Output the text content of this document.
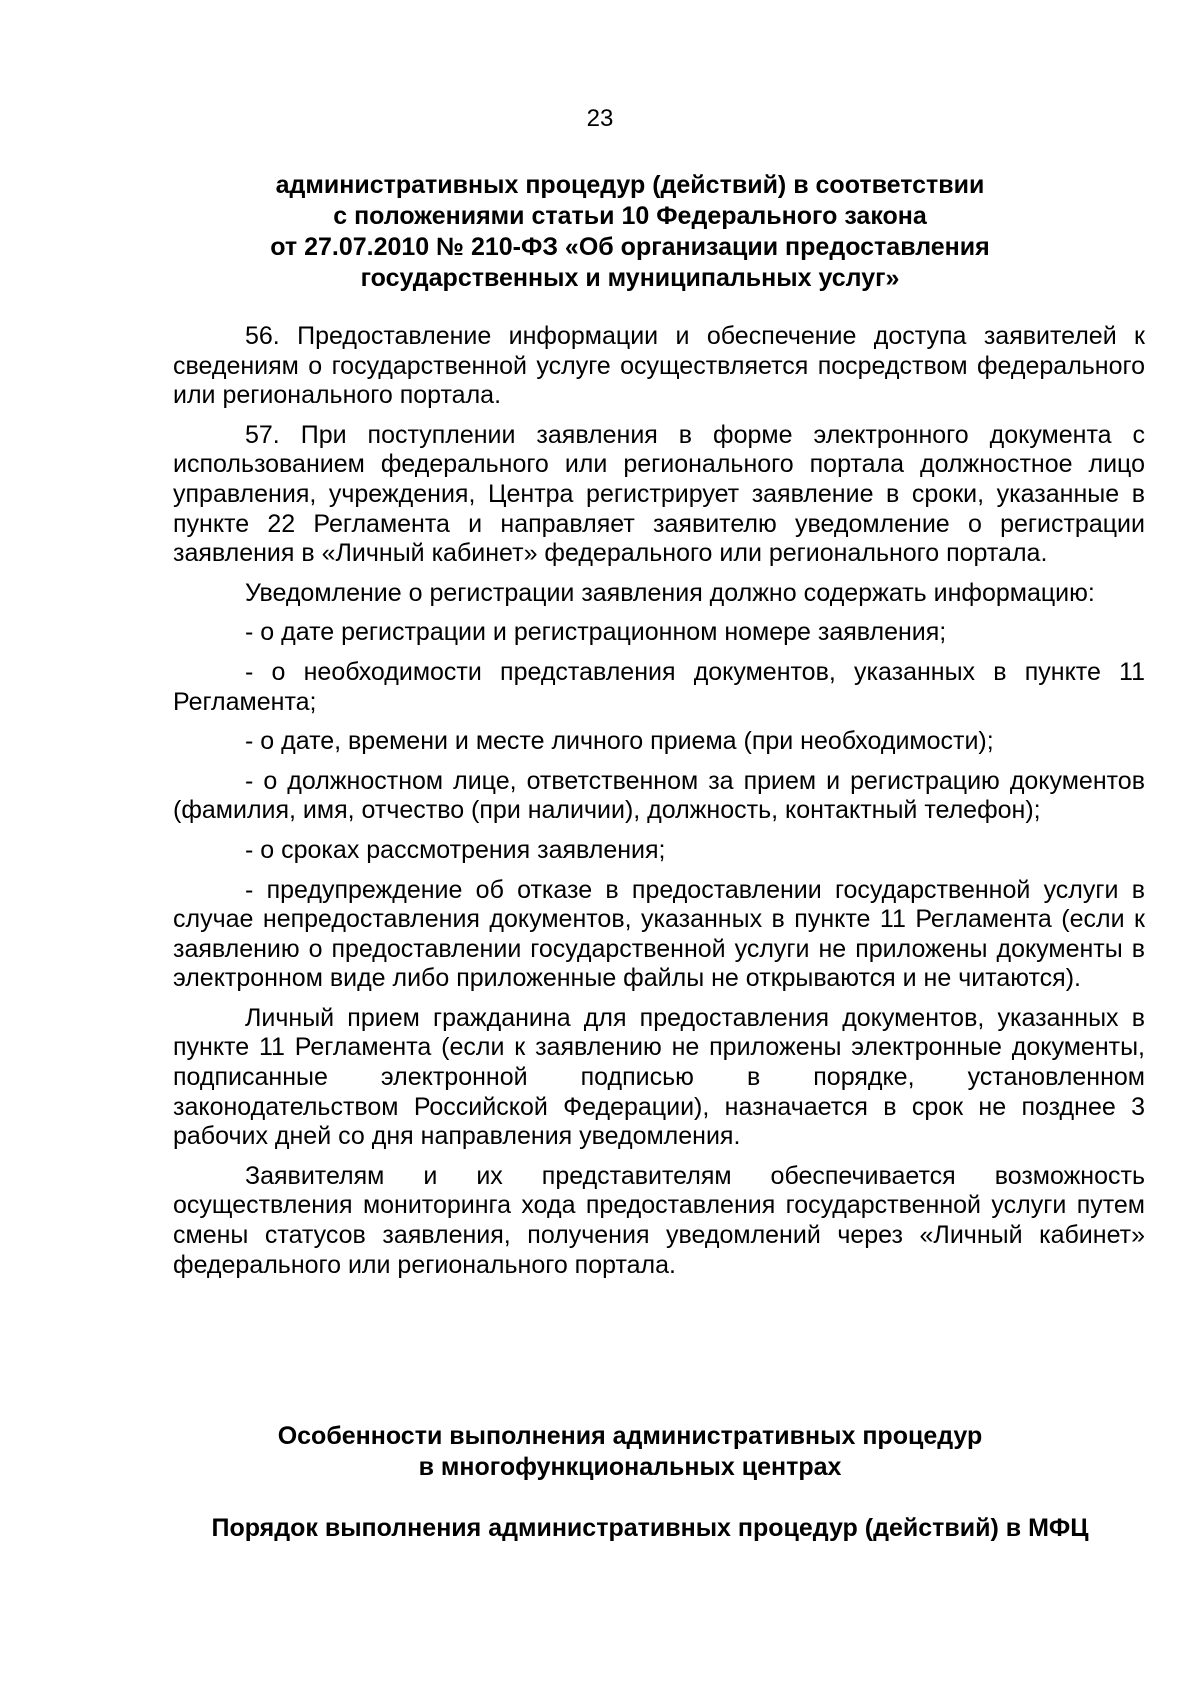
23
административных процедур (действий) в соответствии
с положениями статьи 10 Федерального закона
от 27.07.2010 № 210-ФЗ «Об организации предоставления
государственных и муниципальных услуг»

56. Предоставление информации и обеспечение доступа заявителей к сведениям о государственной услуге осуществляется посредством федерального или регионального портала.

57. При поступлении заявления в форме электронного документа с использованием федерального или регионального портала должностное лицо управления, учреждения, Центра регистрирует заявление в сроки, указанные в пункте 22 Регламента и направляет заявителю уведомление о регистрации заявления в «Личный кабинет» федерального или регионального портала.

Уведомление о регистрации заявления должно содержать информацию:

- о дате регистрации и регистрационном номере заявления;

- о необходимости представления документов, указанных в пункте 11 Регламента;

- о дате, времени и месте личного приема (при необходимости);

- о должностном лице, ответственном за прием и регистрацию документов (фамилия, имя, отчество (при наличии), должность, контактный телефон);

- о сроках рассмотрения заявления;

- предупреждение об отказе в предоставлении государственной услуги в случае непредоставления документов, указанных в пункте 11 Регламента (если к заявлению о предоставлении государственной услуги не приложены документы в электронном виде либо приложенные файлы не открываются и не читаются).

Личный прием гражданина для предоставления документов, указанных в пункте 11 Регламента (если к заявлению не приложены электронные документы, подписанные электронной подписью в порядке, установленном законодательством Российской Федерации), назначается в срок не позднее 3 рабочих дней со дня направления уведомления.

Заявителям и их представителям обеспечивается возможность осуществления мониторинга хода предоставления государственной услуги путем смены статусов заявления, получения уведомлений через «Личный кабинет» федерального или регионального портала.

Особенности выполнения административных процедур
в многофункциональных центрах
Порядок выполнения административных процедур (действий) в МФЦ
